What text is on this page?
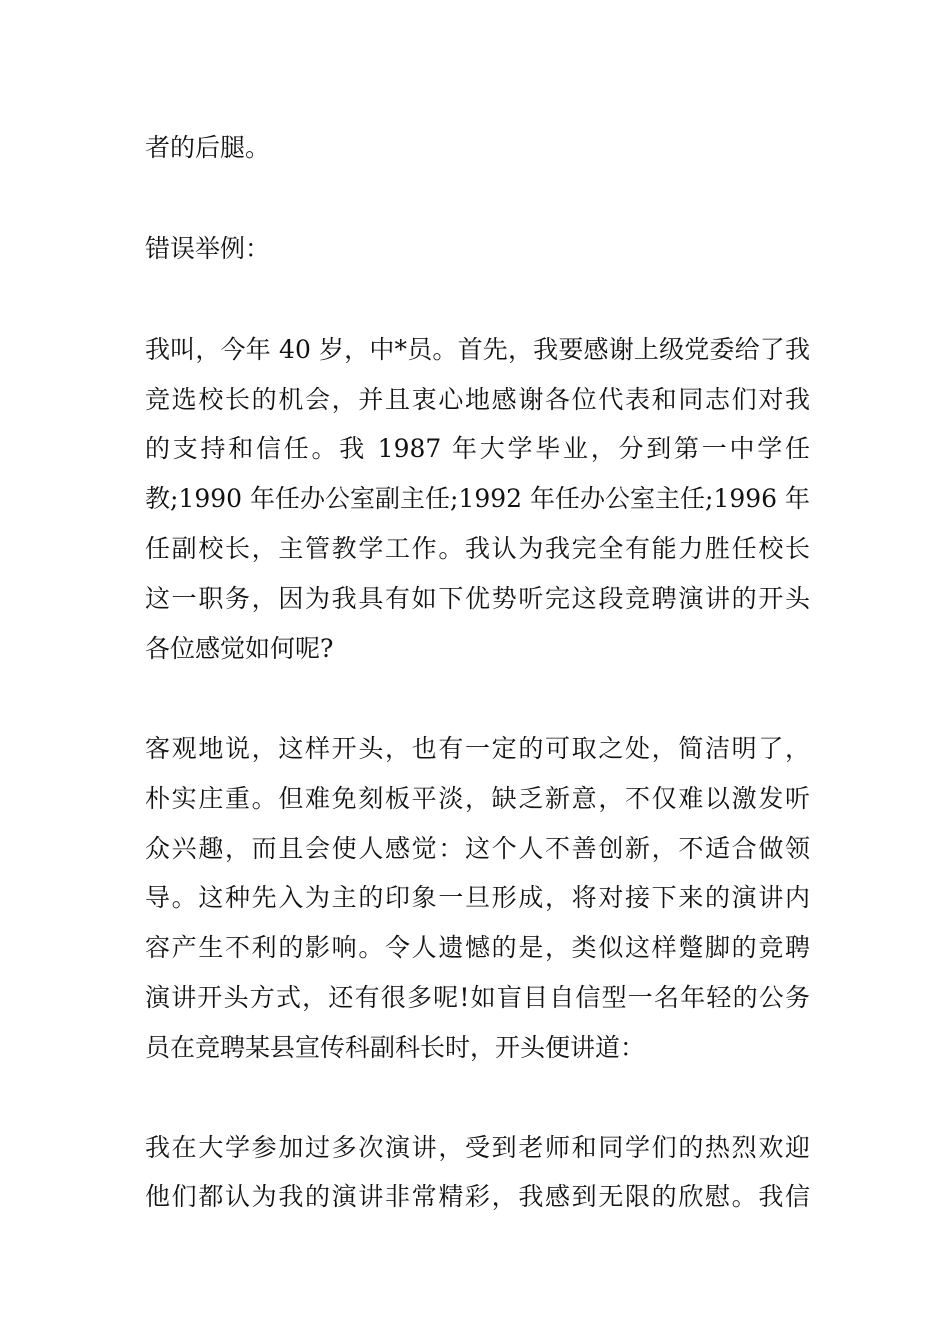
者的后腿。

错误举例：

我叫，今年 40 岁，中*员。首先，我要感谢上级党委给了我

竞选校长的机会，并且衷心地感谢各位代表和同志们对我

的支持和信任。我 1987 年大学毕业，分到第一中学任

教;1990 年任办公室副主任;1992 年任办公室主任;1996 年

任副校长，主管教学工作。我认为我完全有能力胜任校长

这一职务，因为我具有如下优势听完这段竞聘演讲的开头

各位感觉如何呢?

客观地说，这样开头，也有一定的可取之处，简洁明了，

朴实庄重。但难免刻板平淡，缺乏新意，不仅难以激发听

众兴趣，而且会使人感觉：这个人不善创新，不适合做领

导。这种先入为主的印象一旦形成，将对接下来的演讲内

容产生不利的影响。令人遗憾的是，类似这样蹩脚的竞聘

演讲开头方式，还有很多呢!如盲目自信型一名年轻的公务

员在竞聘某县宣传科副科长时，开头便讲道：

我在大学参加过多次演讲，受到老师和同学们的热烈欢迎

他们都认为我的演讲非常精彩，我感到无限的欣慰。我信
